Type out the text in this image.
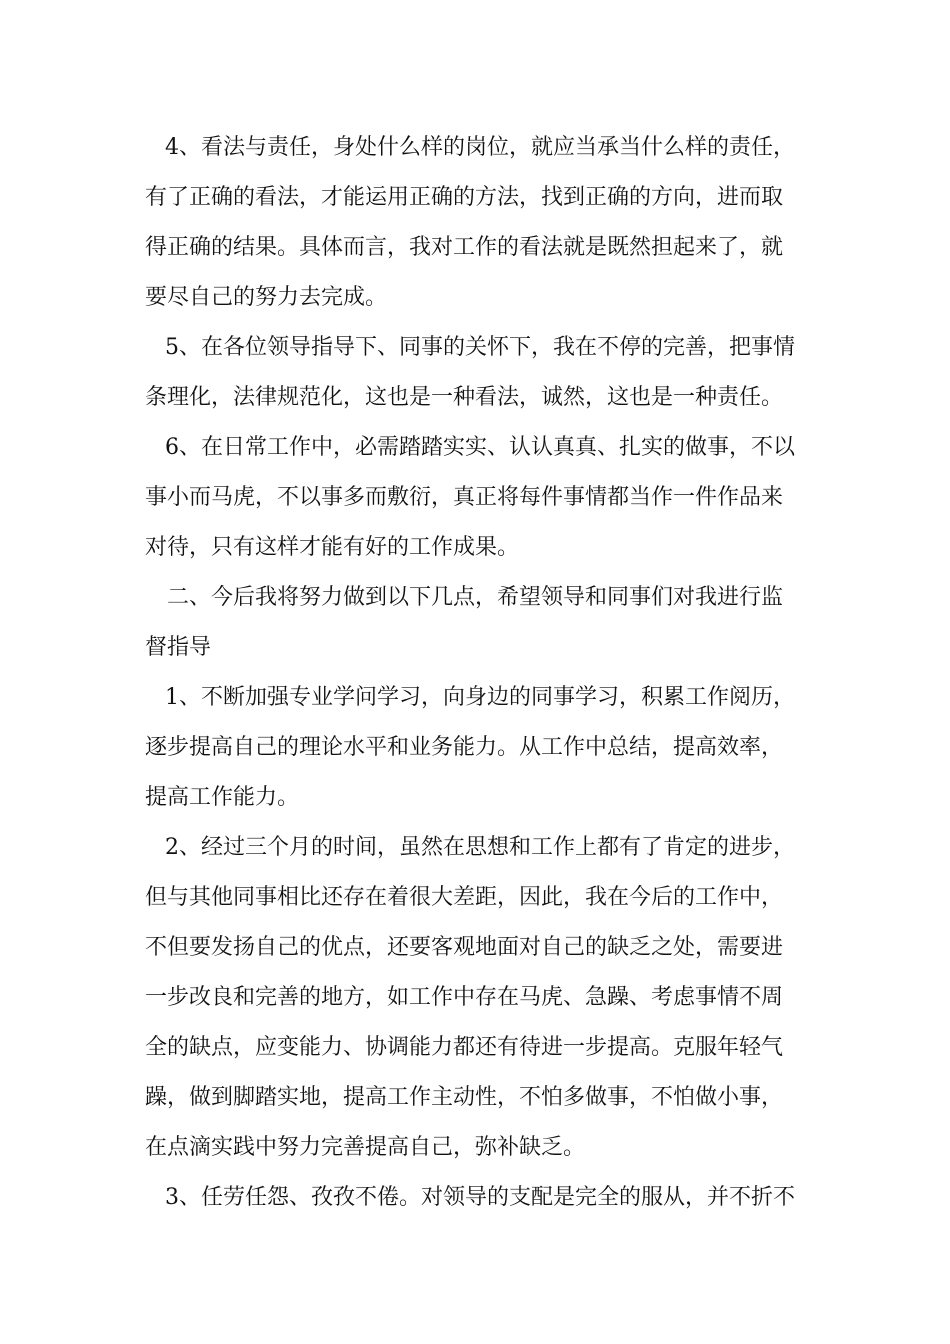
4、看法与责任，身处什么样的岗位，就应当承当什么样的责任，

有了正确的看法，才能运用正确的方法，找到正确的方向，进而取

得正确的结果。具体而言，我对工作的看法就是既然担起来了，就

要尽自己的努力去完成。

5、在各位领导指导下、同事的关怀下，我在不停的完善，把事情

条理化，法律规范化，这也是一种看法，诚然，这也是一种责任。

6、在日常工作中，必需踏踏实实、认认真真、扎实的做事，不以

事小而马虎，不以事多而敷衍，真正将每件事情都当作一件作品来

对待，只有这样才能有好的工作成果。

二、今后我将努力做到以下几点，希望领导和同事们对我进行监

督指导

1、不断加强专业学问学习，向身边的同事学习，积累工作阅历，

逐步提高自己的理论水平和业务能力。从工作中总结，提高效率，

提高工作能力。

2、经过三个月的时间，虽然在思想和工作上都有了肯定的进步，

但与其他同事相比还存在着很大差距，因此，我在今后的工作中，

不但要发扬自己的优点，还要客观地面对自己的缺乏之处，需要进

一步改良和完善的地方，如工作中存在马虎、急躁、考虑事情不周

全的缺点，应变能力、协调能力都还有待进一步提高。克服年轻气

躁，做到脚踏实地，提高工作主动性，不怕多做事，不怕做小事，

在点滴实践中努力完善提高自己，弥补缺乏。

3、任劳任怨、孜孜不倦。对领导的支配是完全的服从，并不折不
